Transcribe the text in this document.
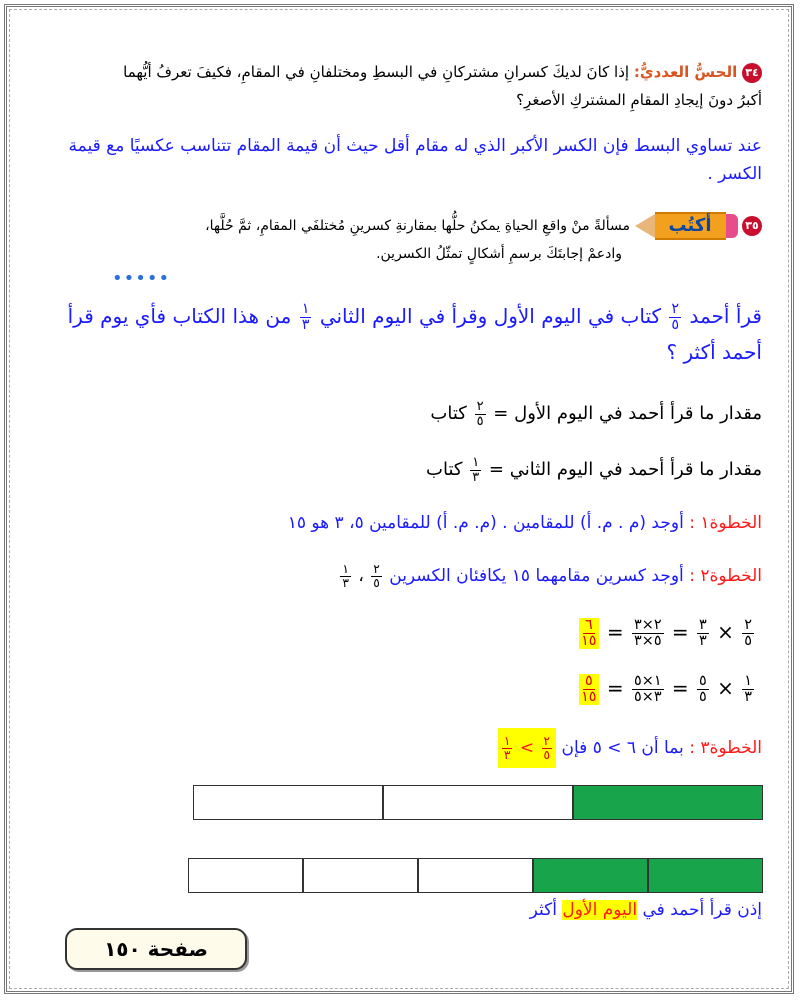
٣٤ الحسُّ العدديُّ: إذا كانَ لديكَ كسرانِ مشتركانِ في البسطِ ومختلفانِ في المقامِ، فكيفَ تعرفُ أيُّهما
أكبرُ دونَ إيجادِ المقامِ المشتركِ الأصغرِ؟
عند تساوي البسط فإن الكسر الأكبر الذي له مقام أقل حيث أن قيمة المقام تتناسب عكسيًا مع قيمة
الكسر .
٣٥
أكتُب
مسألةً منْ واقعِ الحياةِ يمكنُ حلُّها بمقارنةِ كسرينِ مُختلفَي المقامِ، ثمَّ حُلَّها،
وادعمْ إجابتَكَ برسمِ أشكالٍ تمثّلُ الكسرين.
•••••
قرأ أحمد
$\frac{٢}{٥}$
كتاب في اليوم الأول وقرأ في اليوم الثاني
$\frac{١}{٣}$
من هذا الكتاب فأي يوم قرأ
أحمد أكثر ؟
مقدار ما قرأ أحمد في اليوم الأول =
$\frac{٢}{٥}$
كتاب
مقدار ما قرأ أحمد في اليوم الثاني =
$\frac{١}{٣}$
كتاب
الخطوة١ : أوجد (م . م. أ) للمقامين . (م. م. أ) للمقامين ٥، ٣ هو ١٥
الخطوة٢ : أوجد كسرين مقامهما ١٥ يكافئان الكسرين
$\frac{٢}{٥}$
،
$\frac{١}{٣}$
$\frac{٢}{٥}$
×
$\frac{٣}{٣}$
=
$\frac{٢\times ٣}{٥\times ٣}$
=
$\frac{٦}{١٥}$
$\frac{١}{٣}$
×
$\frac{٥}{٥}$
=
$\frac{١\times ٥}{٣\times ٥}$
=
$\frac{٥}{١٥}$
الخطوة٣ : بما أن ٦ > ٥ فإن
$\frac{٢}{٥}$
>
$\frac{١}{٣}$
إذن قرأ أحمد في اليوم الأول أكثر
صفحة ١٥٠
